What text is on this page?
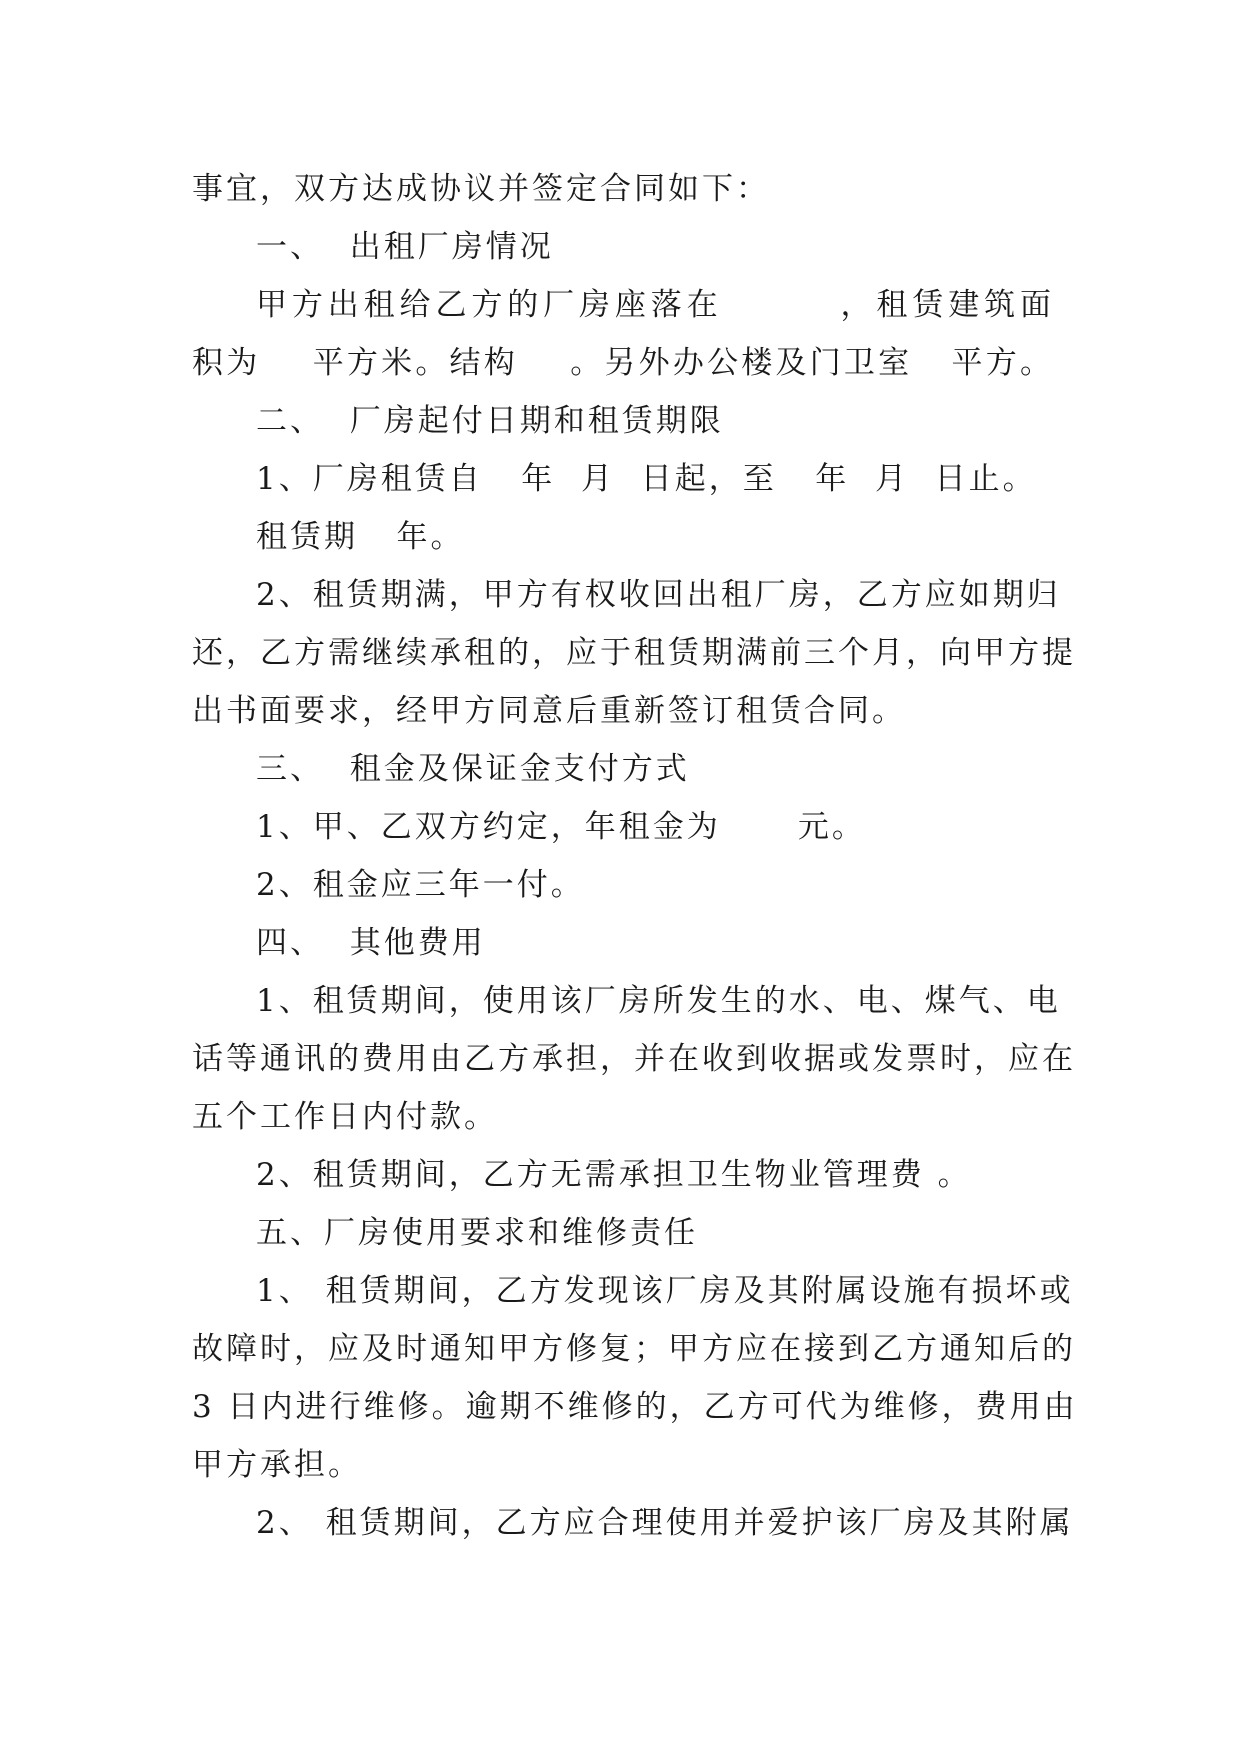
事宜，双方达成协议并签定合同如下：
一、  出租厂房情况
甲方出租给乙方的厂房座落在        ，租赁建筑面
积为    平方米。结构    。另外办公楼及门卫室   平方。
二、  厂房起付日期和租赁期限
1、厂房租赁自   年  月  日起，至   年  月  日止。
租赁期   年。
2、租赁期满，甲方有权收回出租厂房，乙方应如期归
还，乙方需继续承租的，应于租赁期满前三个月，向甲方提
出书面要求，经甲方同意后重新签订租赁合同。
三、  租金及保证金支付方式
1、甲、乙双方约定，年租金为      元。
2、租金应三年一付。
四、  其他费用
1、租赁期间，使用该厂房所发生的水、电、煤气、电
话等通讯的费用由乙方承担，并在收到收据或发票时，应在
五个工作日内付款。
2、租赁期间，乙方无需承担卫生物业管理费 。
五、厂房使用要求和维修责任
1、 租赁期间，乙方发现该厂房及其附属设施有损坏或
故障时，应及时通知甲方修复；甲方应在接到乙方通知后的
3 日内进行维修。逾期不维修的，乙方可代为维修，费用由
甲方承担。
2、 租赁期间，乙方应合理使用并爱护该厂房及其附属
